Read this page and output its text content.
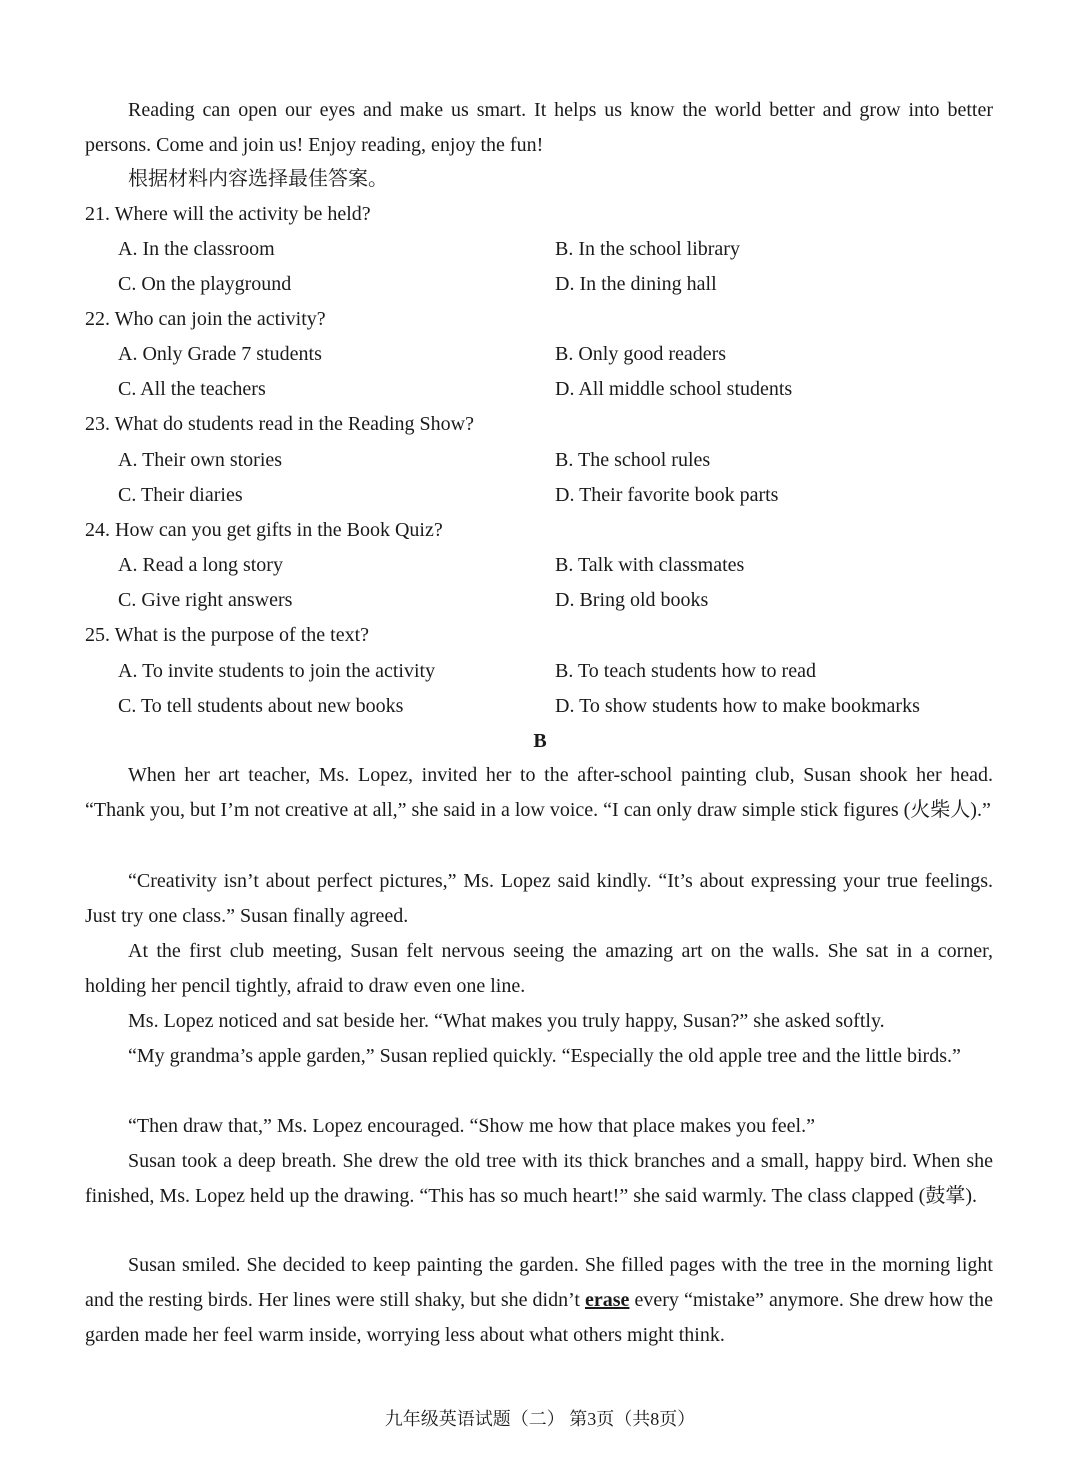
Reading can open our eyes and make us smart. It helps us know the world better and grow into better persons. Come and join us! Enjoy reading, enjoy the fun!

根据材料内容选择最佳答案。
21. Where will the activity be held?
A. In the classroom	B. In the school library
C. On the playground	D. In the dining hall
22. Who can join the activity?
A. Only Grade 7 students	B. Only good readers
C. All the teachers	D. All middle school students
23. What do students read in the Reading Show?
A. Their own stories	B. The school rules
C. Their diaries	D. Their favorite book parts
24. How can you get gifts in the Book Quiz?
A. Read a long story	B. Talk with classmates
C. Give right answers	D. Bring old books
25. What is the purpose of the text?
A. To invite students to join the activity	B. To teach students how to read
C. To tell students about new books	D. To show students how to make bookmarks
B

When her art teacher, Ms. Lopez, invited her to the after-school painting club, Susan shook her head. “Thank you, but I’m not creative at all,” she said in a low voice. “I can only draw simple stick figures (火柴人).”

“Creativity isn’t about perfect pictures,” Ms. Lopez said kindly. “It’s about expressing your true feelings. Just try one class.” Susan finally agreed.

At the first club meeting, Susan felt nervous seeing the amazing art on the walls. She sat in a corner, holding her pencil tightly, afraid to draw even one line.

Ms. Lopez noticed and sat beside her. “What makes you truly happy, Susan?” she asked softly.

“My grandma’s apple garden,” Susan replied quickly. “Especially the old apple tree and the little birds.”

“Then draw that,” Ms. Lopez encouraged. “Show me how that place makes you feel.”

Susan took a deep breath. She drew the old tree with its thick branches and a small, happy bird. When she finished, Ms. Lopez held up the drawing. “This has so much heart!” she said warmly. The class clapped (鼓掌).

Susan smiled. She decided to keep painting the garden. She filled pages with the tree in the morning light and the resting birds. Her lines were still shaky, but she didn’t erase every “mistake” anymore. She drew how the garden made her feel warm inside, worrying less about what others might think.

九年级英语试题（二） 第3页（共8页）
